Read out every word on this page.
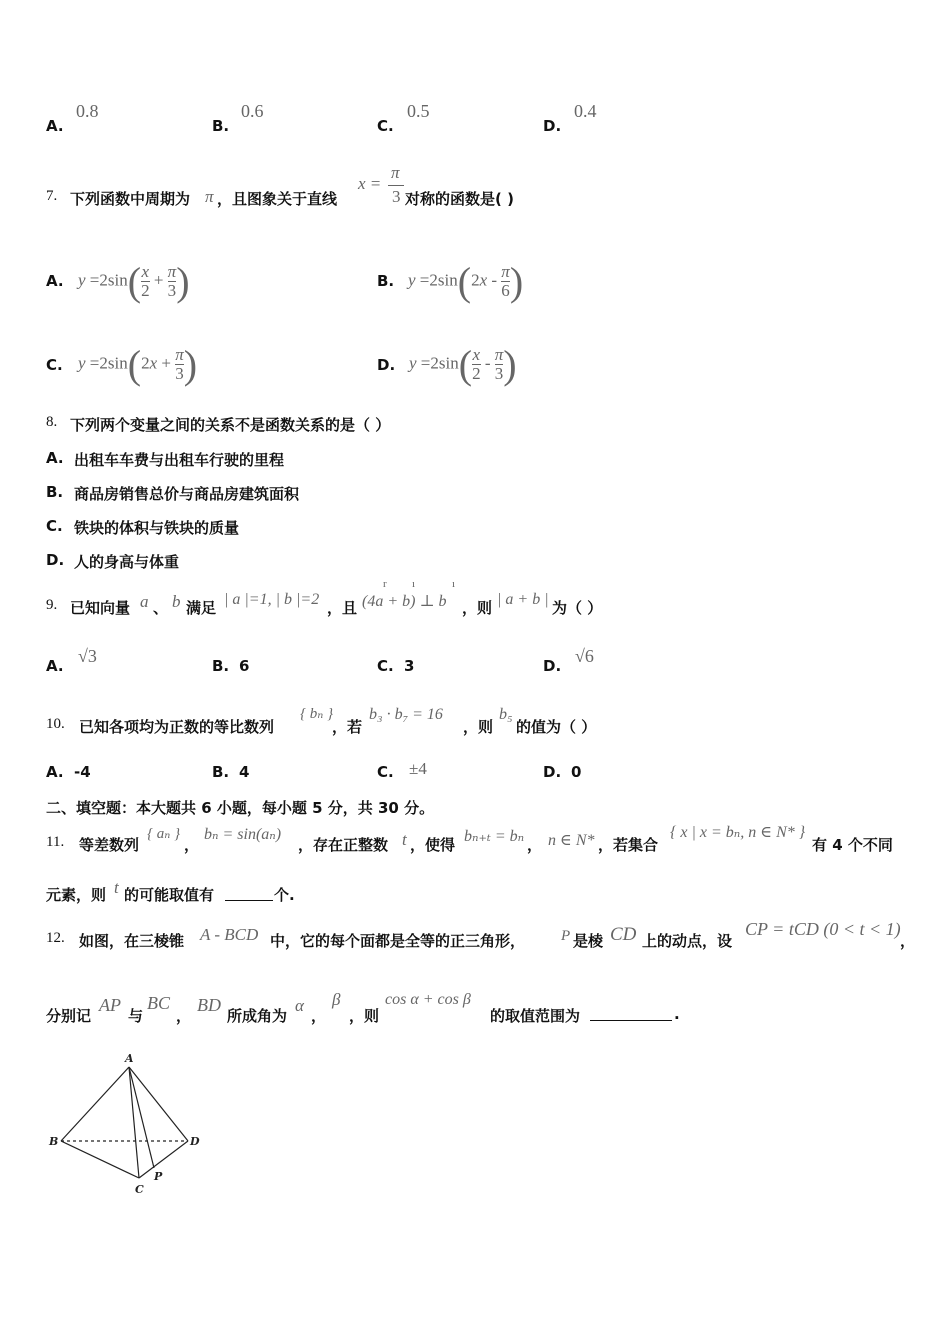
A.
0.8
B.
0.6
C.
0.5
D.
0.4
7. 下列函数中周期为 π ，且图象关于直线
x =
π
3 对称的函数是( )
A. $y =2\sin( \frac{x}{2} + \frac{\pi}{3}$ )	B. $y =2\sin(2x - \frac{\pi}{6}$ )
C. $y =2\sin(2x + \frac{\pi}{3}$ )	D. $y =2\sin( \frac{x}{2} - \frac{\pi}{3}$ )
8. 下列两个变量之间的关系不是函数关系的是（ ）
A. 出租车车费与出租车行驶的里程
B. 商品房销售总价与商品房建筑面积
C. 铁块的体积与铁块的质量
D. 人的身高与体重
9. 已知向量 a 、 b 满足 | a |=1, | b |=2 ，且
r ı	ı
(4a + b) ⊥ b ，则 | a + b | 为（ ）
A. √3	B. 6	C. 3	D. √6
10. 已知各项均为正数的等比数列
{ bₙ }
，若
b₃ · b₇ = 16
，则
b₅
的值为（ ）
A. -4	B. 4	C. ±4	D. 0
二、填空题：本大题共 6 小题，每小题 5 分，共 30 分。
11. 等差数列
{ aₙ }
，
bₙ = sin(aₙ)
，存在正整数 t ，使得 bₙ₊ₜ = bₙ ， n ∈ N* ，若集合
{ x | x = bₙ, n ∈ N* }
有 4 个不同
元素，则 t 的可能取值有	个.
12. 如图，在三棱锥 A - BCD 中，它的每个面都是全等的正三角形， P 是棱 CD 上的动点，设
CP = tCD (0 < t < 1)
，
分别记
AP
与
BC
，
BD
所成角为
α
，
β
，则
cos α + cos β
的取值范围为	.
A
B	D
C
P
